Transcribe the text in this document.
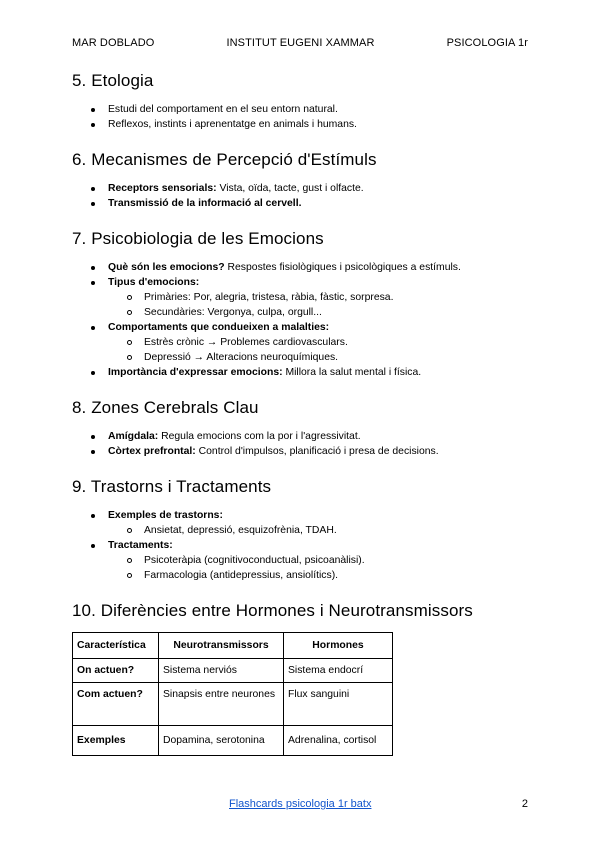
MAR DOBLADO	INSTITUT EUGENI XAMMAR	PSICOLOGIA 1r
5. Etologia
Estudi del comportament en el seu entorn natural.
Reflexos, instints i aprenentatge en animals i humans.
6. Mecanismes de Percepció d'Estímuls
Receptors sensorials: Vista, oïda, tacte, gust i olfacte.
Transmissió de la informació al cervell.
7. Psicobiologia de les Emocions
Què són les emocions? Respostes fisiològiques i psicològiques a estímuls.
Tipus d'emocions:
Primàries: Por, alegria, tristesa, ràbia, fàstic, sorpresa.
Secundàries: Vergonya, culpa, orgull...
Comportaments que condueixen a malalties:
Estrès crònic → Problemes cardiovasculars.
Depressió → Alteracions neuroquímiques.
Importància d'expressar emocions: Millora la salut mental i física.
8. Zones Cerebrals Clau
Amígdala: Regula emocions com la por i l'agressivitat.
Còrtex prefrontal: Control d'impulsos, planificació i presa de decisions.
9. Trastorns i Tractaments
Exemples de trastorns:
Ansietat, depressió, esquizofrènia, TDAH.
Tractaments:
Psicoteràpia (cognitivoconductual, psicoanàlisi).
Farmacologia (antidepressius, ansiolítics).
10. Diferències entre Hormones i Neurotransmissors
Característica	Neurotransmissors	Hormones
On actuen?	Sistema nerviós	Sistema endocrí
Com actuen?	Sinapsis entre neurones	Flux sanguini
Exemples	Dopamina, serotonina	Adrenalina, cortisol
Flashcards psicologia 1r batx	2
